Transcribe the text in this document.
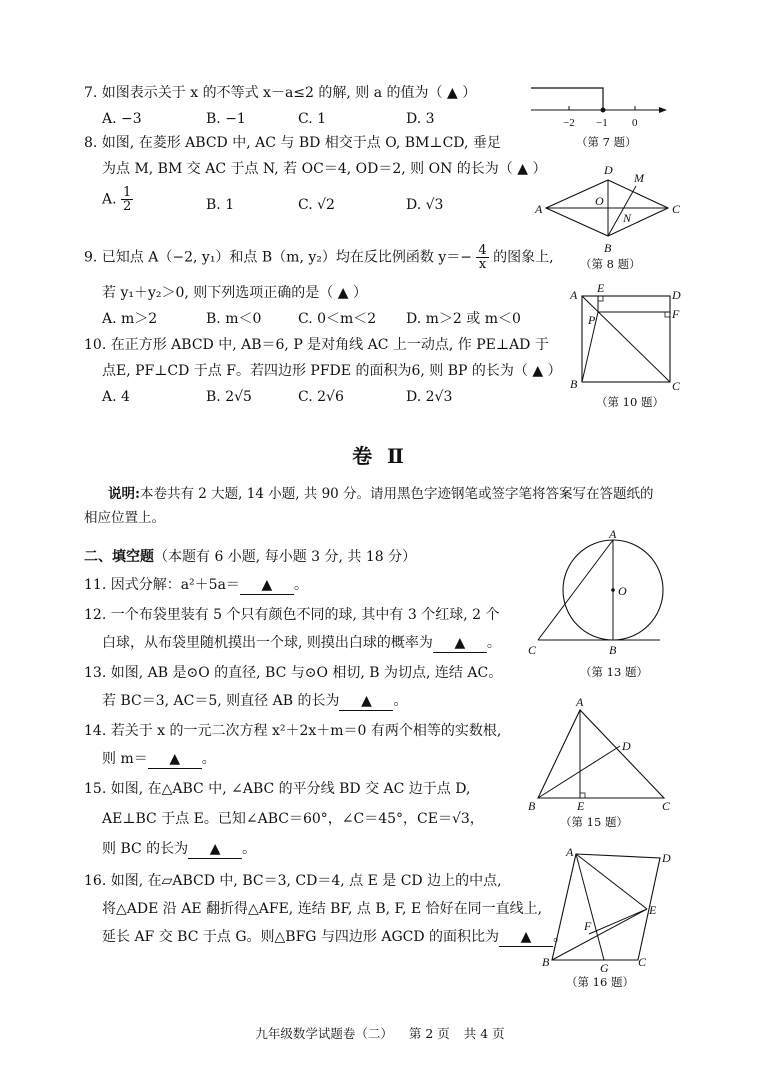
7. 如图表示关于 x 的不等式 x－a≤2 的解, 则 a 的值为（ ▲ ）
A. −3	B. −1	C. 1	D. 3	−2 −1 0
（第 7 题）
8. 如图, 在菱形 ABCD 中, AC 与 BD 相交于点 O, BM⊥CD, 垂足
为点 M, BM 交 AC 于点 N, 若 OC＝4, OD＝2, 则 ON 的长为（ ▲ ）
A. $\frac{1}{2}$	B. 1	C. √2	D. √3	A
B
C
D
O
M
N
（第 8 题）
9. 已知点 A（−2, y₁）和点 B（m, y₂）均在反比例函数 $y=- \frac{4}{x}$ 的图象上,
若 y₁＋y₂＞0, 则下列选项正确的是（ ▲ ）
A. m＞2	B. m＜0	C. 0＜m＜2 D. m＞2 或 m＜0
10. 在正方形 ABCD 中, AB＝6, P 是对角线 AC 上一动点, 作 PE⊥AD 于
点E, PF⊥CD 于点 F。若四边形 PFDE 的面积为6, 则 BP 的长为（ ▲ ）
A. 4	B. 2√5	C. 2√6	D. 2√3
A E	D
P	F
B	C
（第 10 题）
卷 Ⅱ
说明:本卷共有 2 大题, 14 小题, 共 90 分。请用黑色字迹钢笔或签字笔将答案写在答题纸的相应位置上。
二、填空题（本题有 6 小题, 每小题 3 分, 共 18 分）
11. 因式分解：a²＋5a＝ ▲ 。
12. 一个布袋里装有 5 个只有颜色不同的球, 其中有 3 个红球, 2 个
白球，从布袋里随机摸出一个球, 则摸出白球的概率为 ▲ 。
A
O
B
C
（第 13 题）
13. 如图, AB 是⊙O 的直径, BC 与⊙O 相切, B 为切点, 连结 AC。
若 BC＝3, AC＝5, 则直径 AB 的长为 ▲ 。
14. 若关于 x 的一元二次方程 x²＋2x＋m＝0 有两个相等的实数根,
则 m＝ ▲ 。
A
D
B	E	C
（第 15 题）
15. 如图, 在△ABC 中, ∠ABC 的平分线 BD 交 AC 边于点 D,
AE⊥BC 于点 E。已知∠ABC＝60°，∠C＝45°，CE＝√3，
则 BC 的长为 ▲ 。
16. 如图, 在▱ABCD 中, BC＝3, CD＝4, 点 E 是 CD 边上的中点,
将△ADE 沿 AE 翻折得△AFE, 连结 BF, 点 B, F, E 恰好在同一直线上,
延长 AF 交 BC 于点 G。则△BFG 与四边形 AGCD 的面积比为 ▲ 。
A	D
E
F
B	G C
（第 16 题）
九年级数学试题卷（二） 第 2 页 共 4 页
